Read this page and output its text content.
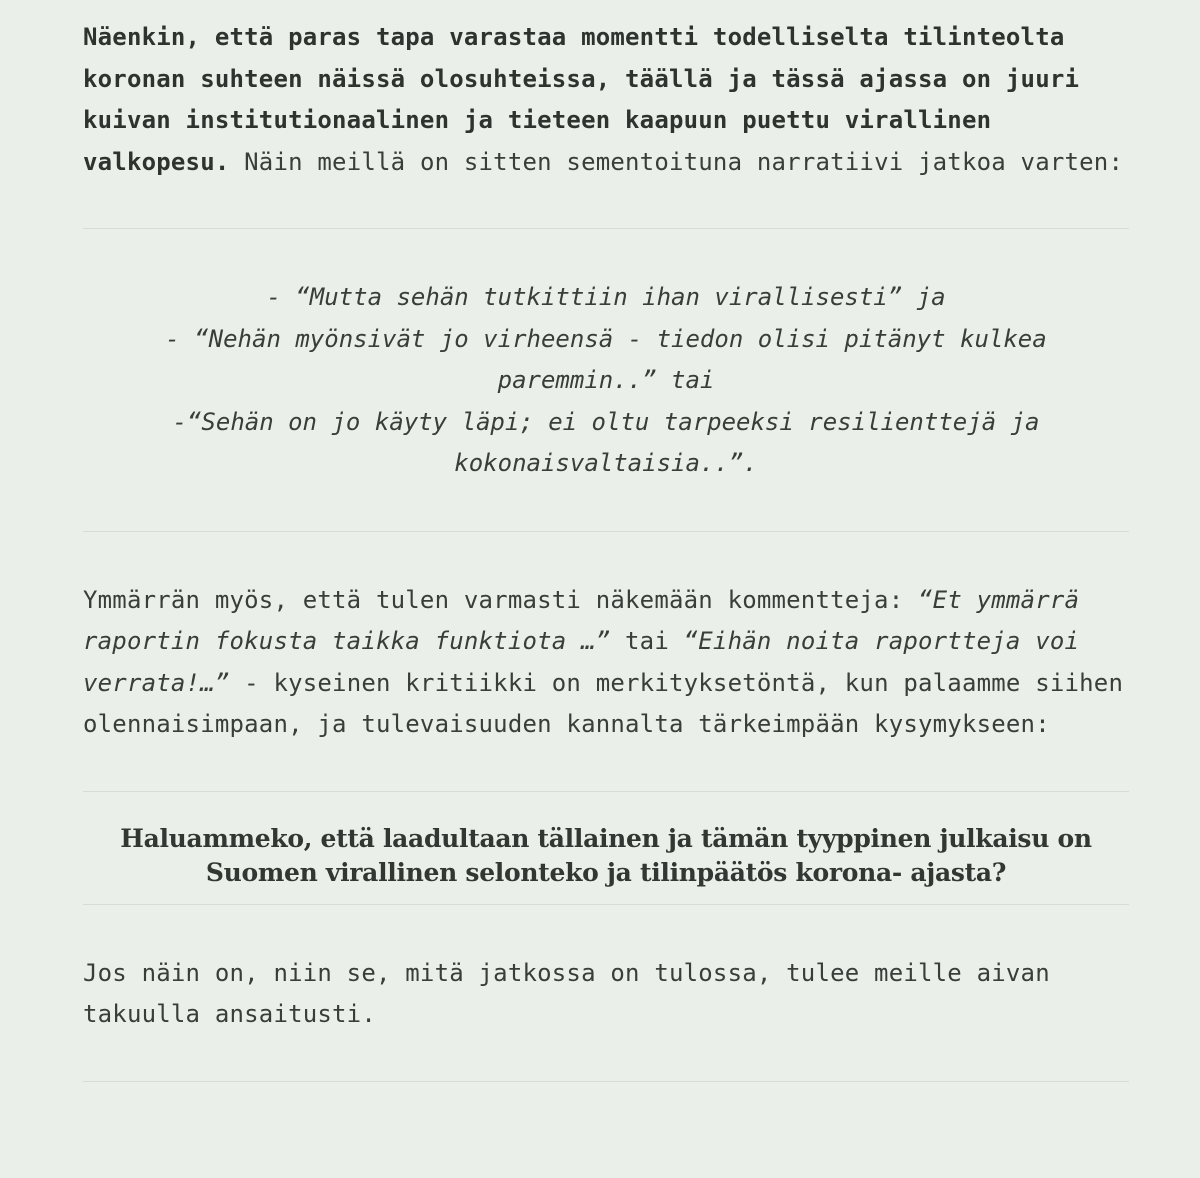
Näenkin, että paras tapa varastaa momentti todelliselta tilinteolta koronan suhteen näissä olosuhteissa, täällä ja tässä ajassa on juuri kuivan institutionaalinen ja tieteen kaapuun puettu virallinen valkopesu. Näin meillä on sitten sementoituna narratiivi jatkoa varten:

- “Mutta sehän tutkittiin ihan virallisesti” ja
- “Nehän myönsivät jo virheensä - tiedon olisi pitänyt kulkea paremmin..” tai
-“Sehän on jo käyty läpi; ei oltu tarpeeksi resilienttejä ja kokonaisvaltaisia..”.

Ymmärrän myös, että tulen varmasti näkemään kommentteja: “Et ymmärrä raportin fokusta taikka funktiota …” tai “Eihän noita raportteja voi verrata!…” - kyseinen kritiikki on merkityksetöntä, kun palaamme siihen olennaisimpaan, ja tulevaisuuden kannalta tärkeimpään kysymykseen:

Haluammeko, että laadultaan tällainen ja tämän tyyppinen julkaisu on Suomen virallinen selonteko ja tilinpäätös korona- ajasta?

Jos näin on, niin se, mitä jatkossa on tulossa, tulee meille aivan takuulla ansaitusti.
